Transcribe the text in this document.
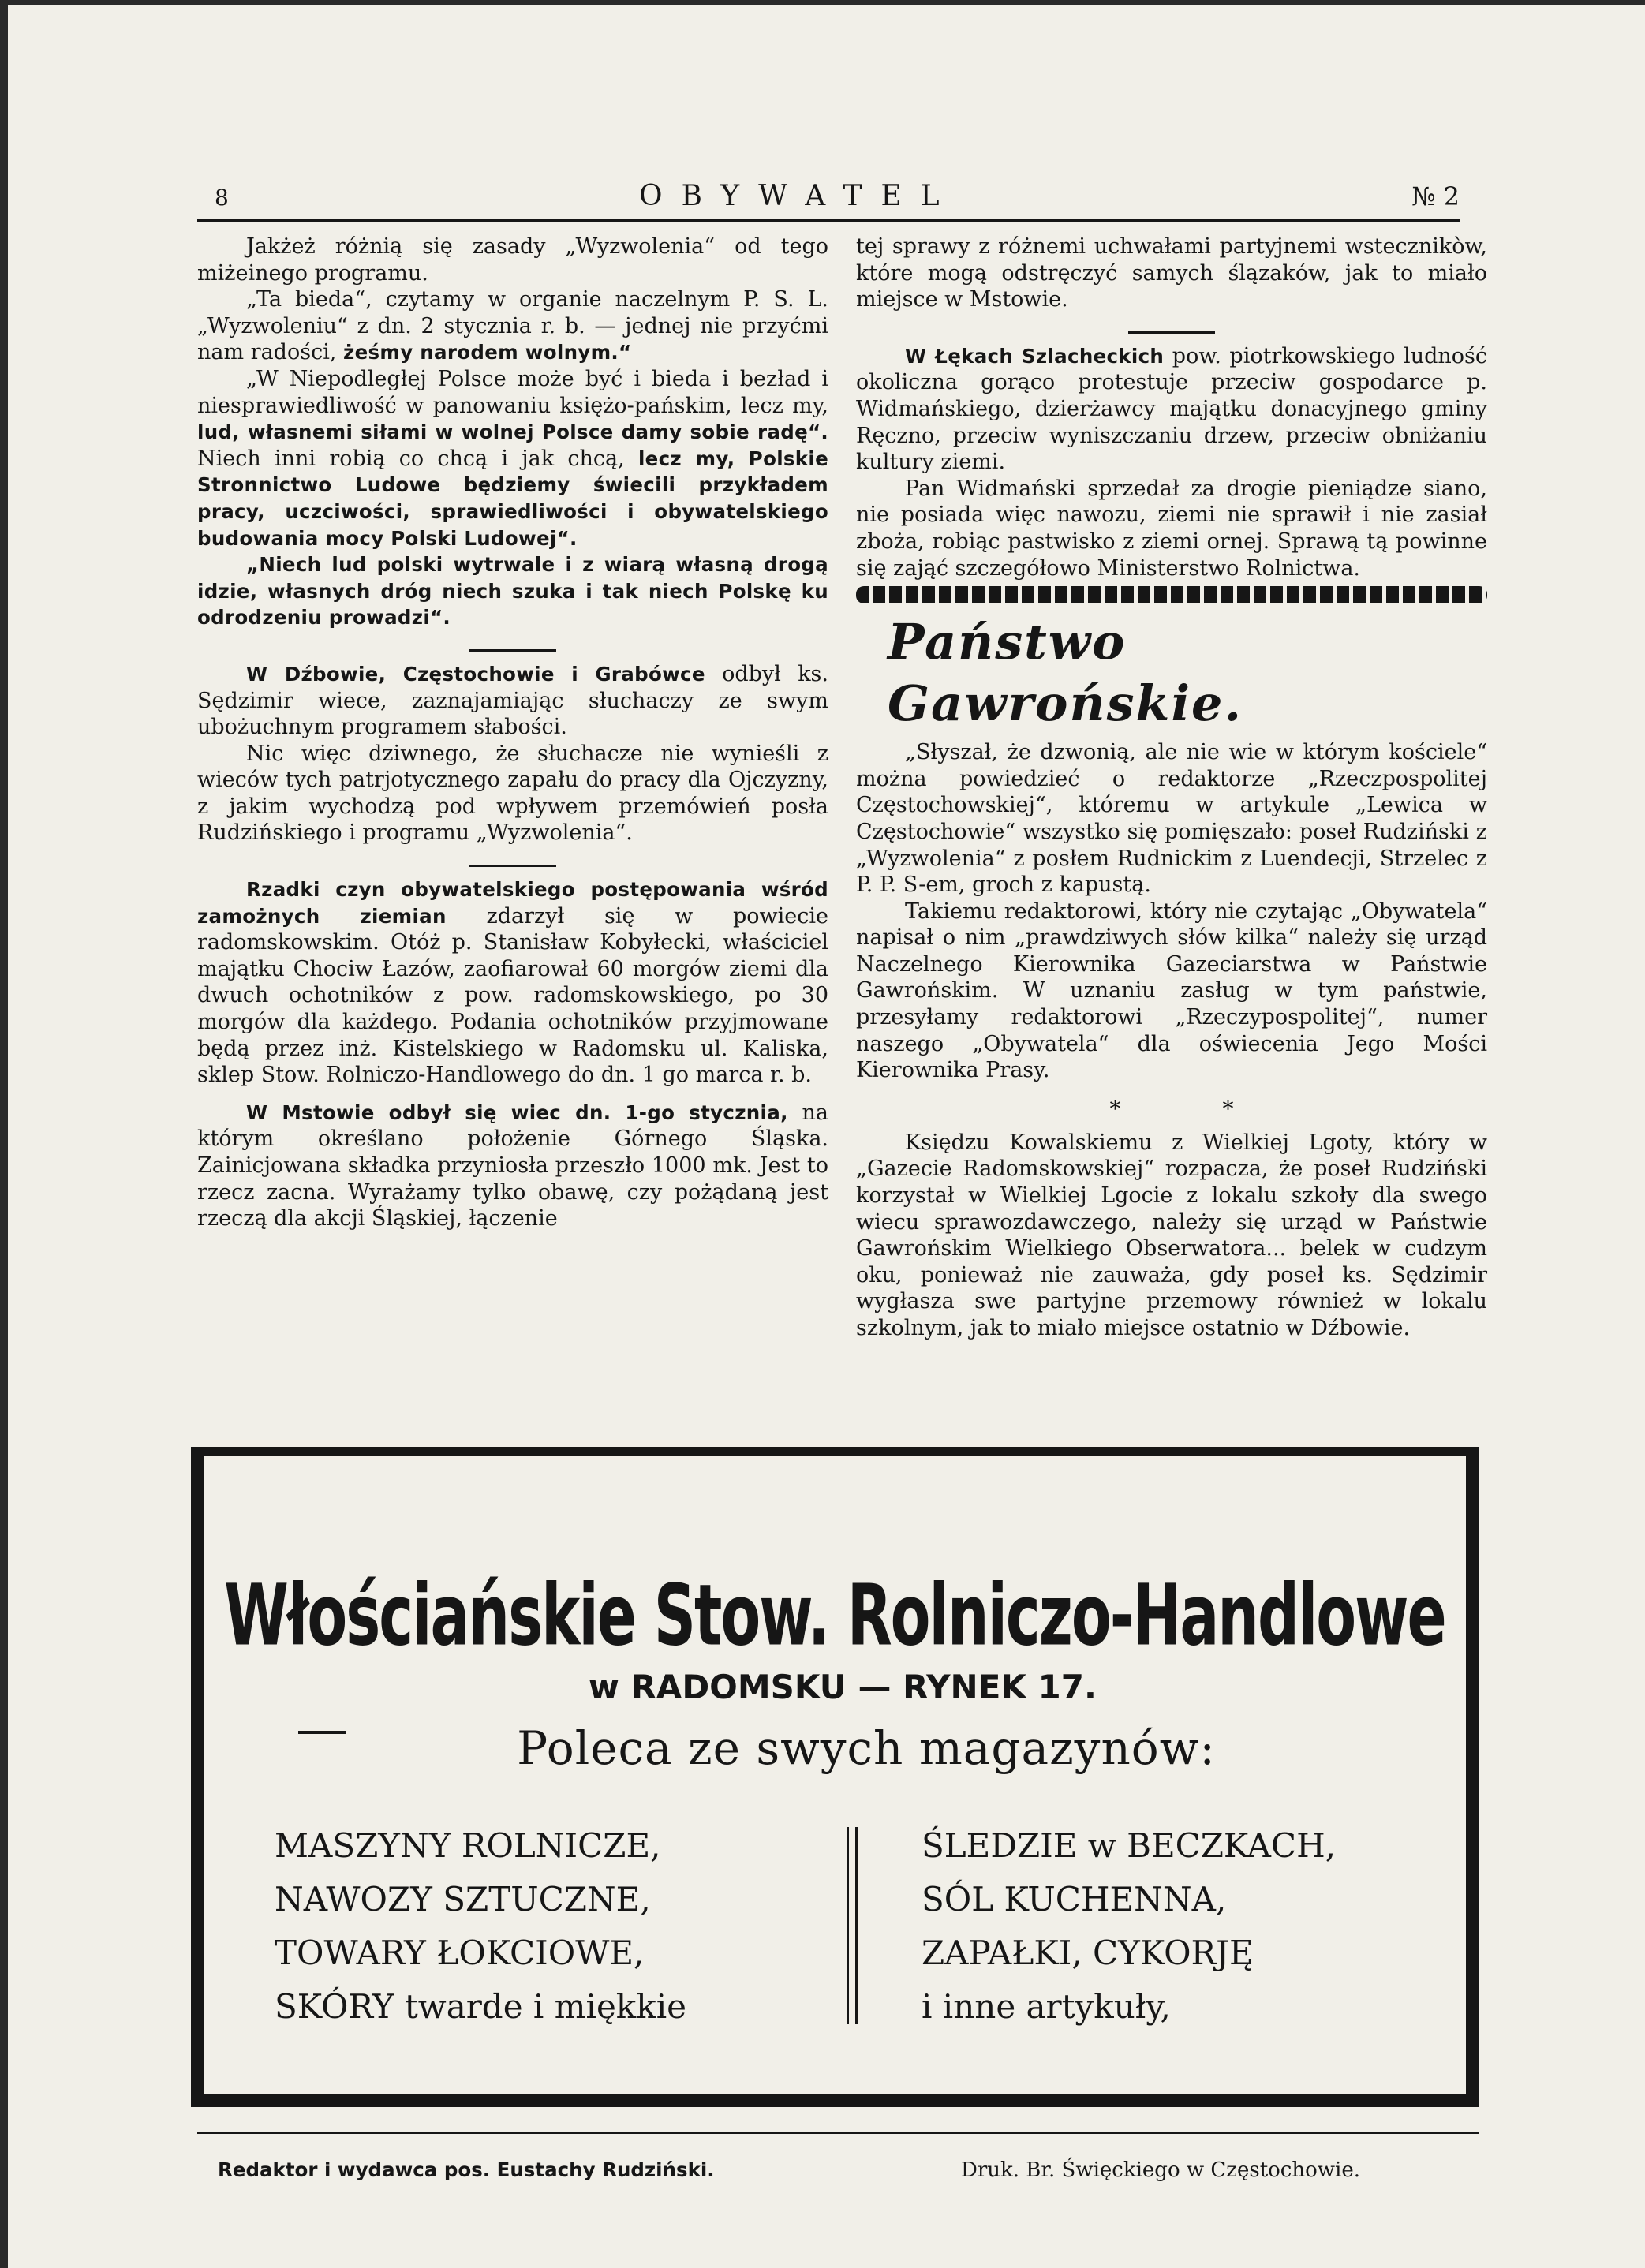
8	OBYWATEL	№ 2

Jakżeż różnią się zasady „Wyzwolenia“ od tego miżeinego programu.

„Ta bieda“, czytamy w organie naczelnym P. S. L. „Wyzwoleniu“ z dn. 2 stycznia r. b. — jednej nie przyćmi nam radości, żeśmy narodem wolnym.“

„W Niepodległej Polsce może być i bieda i bezład i niesprawiedliwość w panowaniu księżo-pańskim, lecz my, lud, własnemi siłami w wolnej Polsce damy sobie radę“. Niech inni robią co chcą i jak chcą, lecz my, Polskie Stronnictwo Ludowe będziemy świecili przykładem pracy, uczciwości, sprawiedliwości i obywatelskiego budowania mocy Polski Ludowej“.

„Niech lud polski wytrwale i z wiarą własną drogą idzie, własnych dróg niech szuka i tak niech Polskę ku odrodzeniu prowadzi“.

W Dźbowie, Częstochowie i Grabówce odbył ks. Sędzimir wiece, zaznajamiając słuchaczy ze swym ubożuchnym programem słabości.

Nic więc dziwnego, że słuchacze nie wynieśli z wieców tych patrjotycznego zapału do pracy dla Ojczyzny, z jakim wychodzą pod wpływem przemówień posła Rudzińskiego i programu „Wyzwolenia“.

Rzadki czyn obywatelskiego postępowania wśród zamożnych ziemian zdarzył się w powiecie radomskowskim. Otóż p. Stanisław Kobyłecki, właściciel majątku Chociw Łazów, zaofiarował 60 morgów ziemi dla dwuch ochotników z pow. radomskowskiego, po 30 morgów dla każdego. Podania ochotników przyjmowane będą przez inż. Kistelskiego w Radomsku ul. Kaliska, sklep Stow. Rolniczo-Handlowego do dn. 1 go marca r. b.

W Mstowie odbył się wiec dn. 1-go stycznia, na którym określano położenie Górnego Śląska. Zainicjowana składka przyniosła przeszło 1000 mk. Jest to rzecz zacna. Wyrażamy tylko obawę, czy pożądaną jest rzeczą dla akcji Śląskiej, łączenie

tej sprawy z różnemi uchwałami partyjnemi wstecznikòw, które mogą odstręczyć samych ślązaków, jak to miało miejsce w Mstowie.

W Łękach Szlacheckich pow. piotrkowskiego ludność okoliczna gorąco protestuje przeciw gospodarce p. Widmańskiego, dzierżawcy majątku donacyjnego gminy Ręczno, przeciw wyniszczaniu drzew, przeciw obniżaniu kultury ziemi.

Pan Widmański sprzedał za drogie pieniądze siano, nie posiada więc nawozu, ziemi nie sprawił i nie zasiał zboża, robiąc pastwisko z ziemi ornej. Sprawą tą powinne się zająć szczegółowo Ministerstwo Rolnictwa.

Państwo Gawrońskie.

„Słyszał, że dzwonią, ale nie wie w którym kościele“ można powiedzieć o redaktorze „Rzeczpospolitej Częstochowskiej“, któremu w artykule „Lewica w Częstochowie“ wszystko się pomięszało: poseł Rudziński z „Wyzwolenia“ z posłem Rudnickim z Luendecji, Strzelec z P. P. S-em, groch z kapustą.

Takiemu redaktorowi, który nie czytając „Obywatela“ napisał o nim „prawdziwych słów kilka“ należy się urząd Naczelnego Kierownika Gazeciarstwa w Państwie Gawrońskim. W uznaniu zasług w tym państwie, przesyłamy redaktorowi „Rzeczypospolitej“, numer naszego „Obywatela“ dla oświecenia Jego Mości Kierownika Prasy.

* *

Księdzu Kowalskiemu z Wielkiej Lgoty, który w „Gazecie Radomskowskiej“ rozpacza, że poseł Rudziński korzystał w Wielkiej Lgocie z lokalu szkoły dla swego wiecu sprawozdawczego, należy się urząd w Państwie Gawrońskim Wielkiego Obserwatora... belek w cudzym oku, ponieważ nie zauważa, gdy poseł ks. Sędzimir wygłasza swe partyjne przemowy również w lokalu szkolnym, jak to miało miejsce ostatnio w Dźbowie.

Włościańskie Stow. Rolniczo-Handlowe
w RADOMSKU — RYNEK 17.
Poleca ze swych magazynów:
MASZYNY ROLNICZE,
NAWOZY SZTUCZNE,
TOWARY ŁOKCIOWE,
SKÓRY twarde i miękkie
ŚLEDZIE w BECZKACH,
SÓL KUCHENNA,
ZAPAŁKI, CYKORJĘ
i inne artykuły,
Redaktor i wydawca pos. Eustachy Rudziński.	Druk. Br. Święckiego w Częstochowie.
